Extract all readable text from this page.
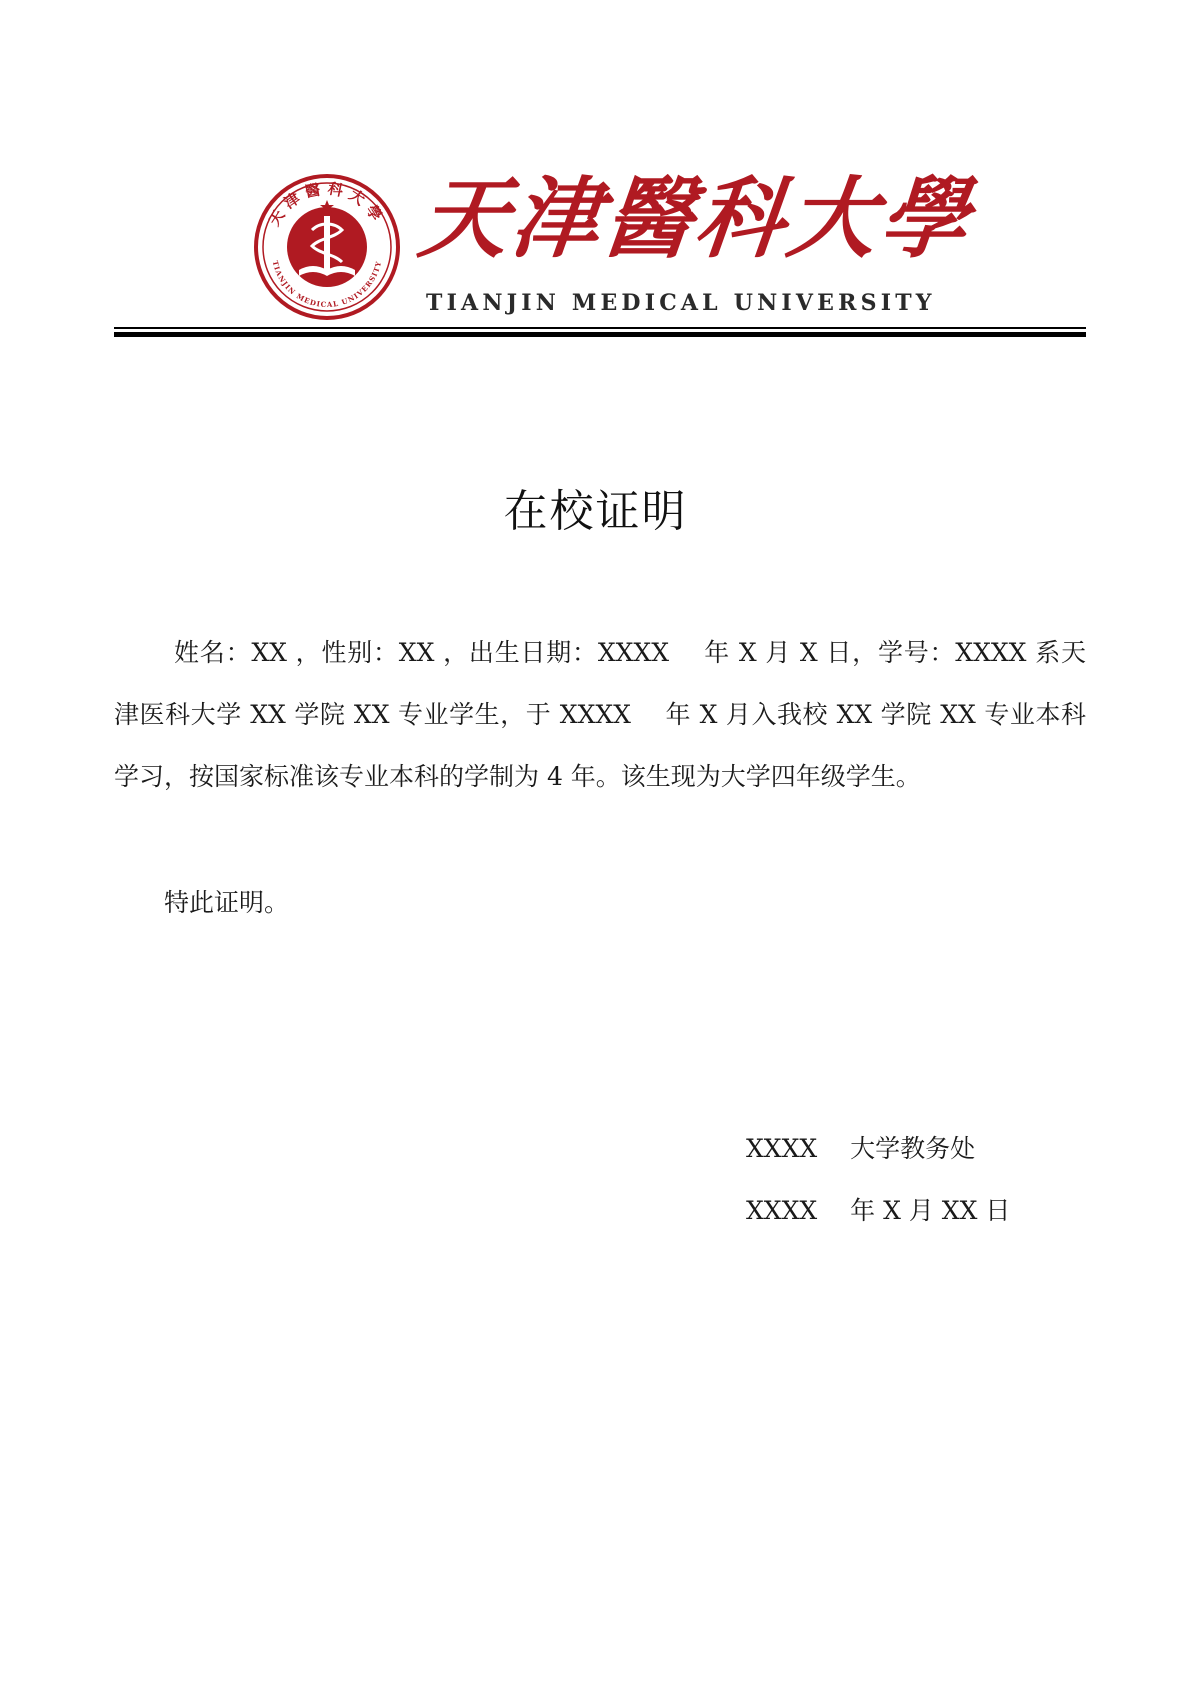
天津醫科大學
TIANJIN MEDICAL UNIVERSITY 天津醫科大學
TIANJIN MEDICAL UNIVERSITY
在校证明

姓名：XX ，性别：XX ，出生日期：XXXX　 年 X 月 X 日，学号：XXXX 系天津医科大学 XX 学院 XX 专业学生，于 XXXX　 年 X 月入我校 XX 学院 XX 专业本科学习，按国家标准该专业本科的学制为 4 年。该生现为大学四年级学生。

特此证明。
XXXX　 大学教务处
XXXX　 年 X 月 XX 日
